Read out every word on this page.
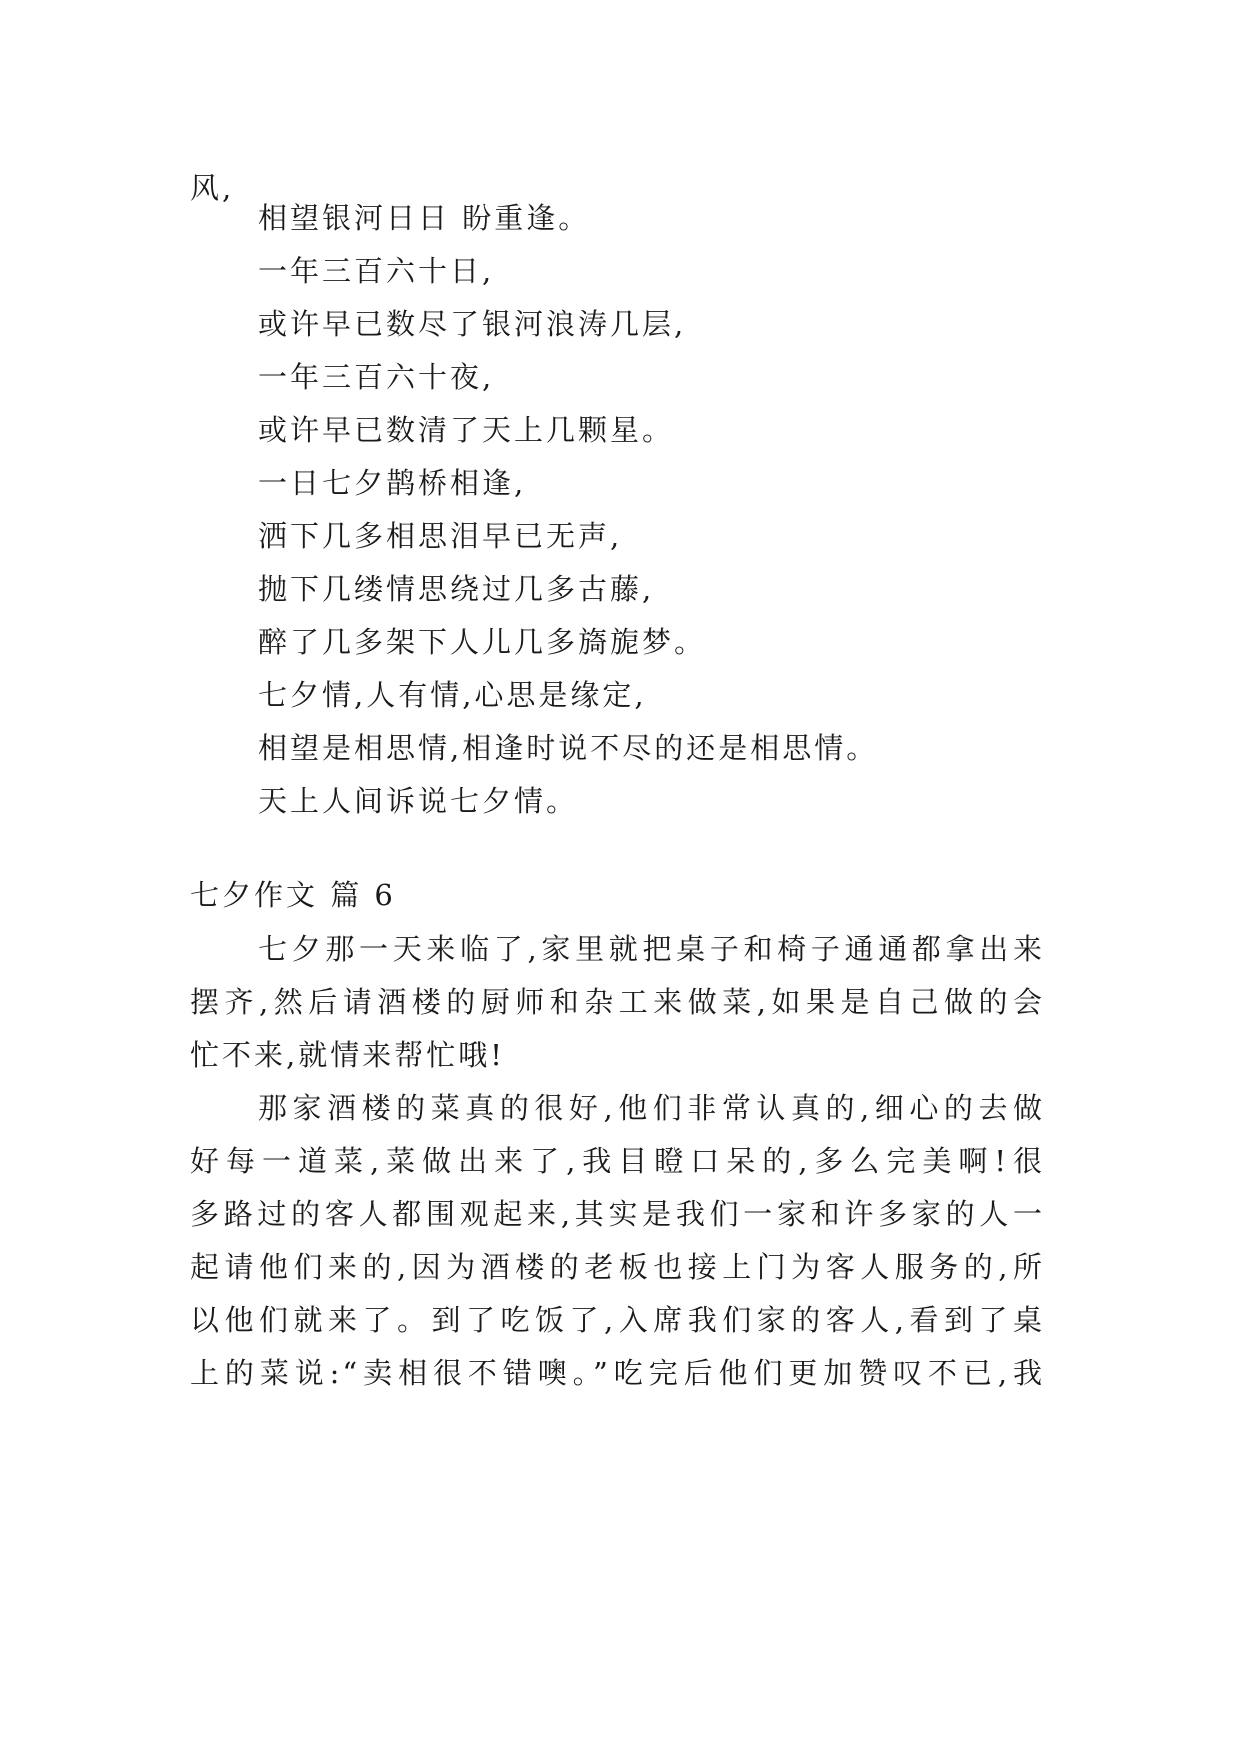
风,

相望银河日日 盼重逢。

一年三百六十日,

或许早已数尽了银河浪涛几层,

一年三百六十夜,

或许早已数清了天上几颗星。

一日七夕鹊桥相逢,

洒下几多相思泪早已无声,

抛下几缕情思绕过几多古藤,

醉了几多架下人儿几多旖旎梦。

七夕情,人有情,心思是缘定,

相望是相思情,相逢时说不尽的还是相思情。

天上人间诉说七夕情。

七夕作文 篇 6

七夕那一天来临了,家里就把桌子和椅子通通都拿出来

摆齐,然后请酒楼的厨师和杂工来做菜,如果是自己做的会

忙不来,就情来帮忙哦!

那家酒楼的菜真的很好,他们非常认真的,细心的去做

好每一道菜,菜做出来了,我目瞪口呆的,多么完美啊!很

多路过的客人都围观起来,其实是我们一家和许多家的人一

起请他们来的,因为酒楼的老板也接上门为客人服务的,所

以他们就来了。到了吃饭了,入席我们家的客人,看到了桌

上的菜说:“卖相很不错噢。”吃完后他们更加赞叹不已,我
